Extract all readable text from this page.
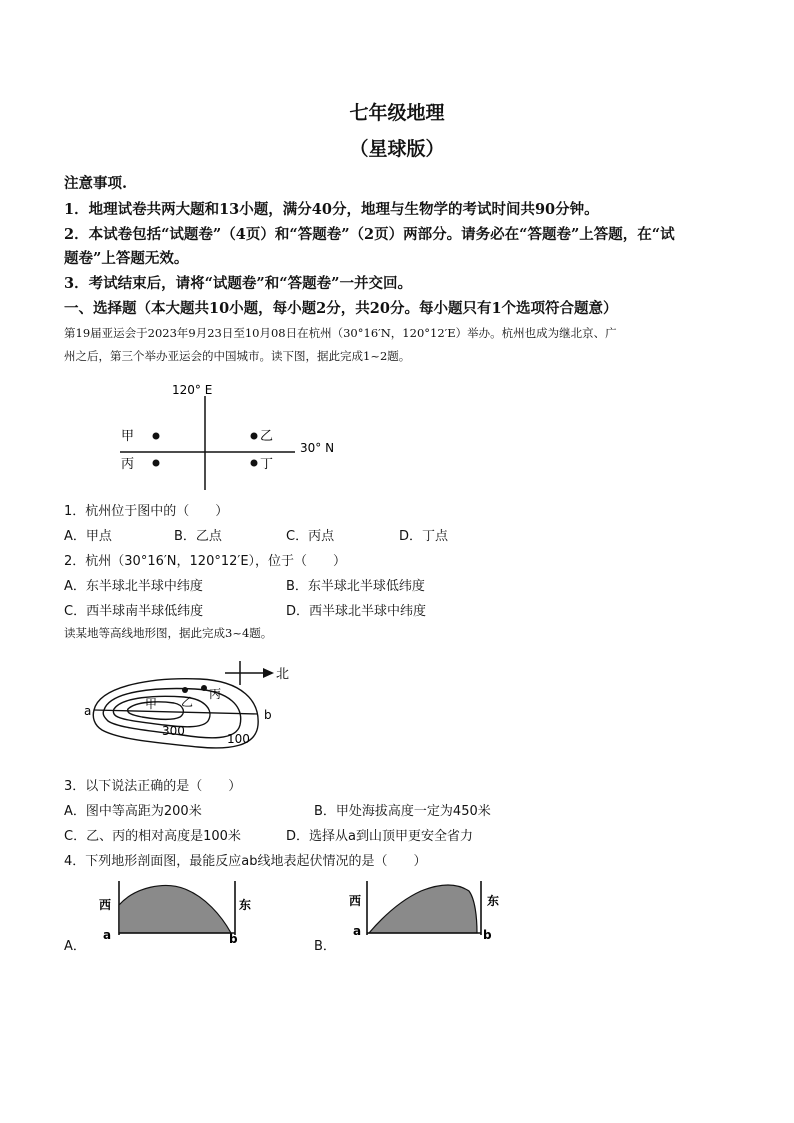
七年级地理
（星球版）
注意事项.
1．地理试卷共两大题和13小题，满分40分，地理与生物学的考试时间共90分钟。
2．本试卷包括“试题卷”（4页）和“答题卷”（2页）两部分。请务必在“答题卷”上答题，在“试
题卷”上答题无效。
3．考试结束后，请将“试题卷”和“答题卷”一并交回。
一、选择题（本大题共10小题，每小题2分，共20分。每小题只有1个选项符合题意）
第19届亚运会于2023年9月23日至10月08日在杭州（30°16′N，120°12′E）举办。杭州也成为继北京、广
州之后，第三个举办亚运会的中国城市。读下图，据此完成1~2题。
120° E
30° N
甲	乙
丙	丁
1．杭州位于图中的（　　）
A．甲点	B．乙点	C．丙点	D．丁点
2．杭州（30°16′N，120°12′E），位于（　　）
A．东半球北半球中纬度	B．东半球北半球低纬度
C．西半球南半球低纬度	D．西半球北半球中纬度
读某地等高线地形图，据此完成3~4题。
北
a	b
甲 乙
丙
300
100
3．以下说法正确的是（　　）
A．图中等高距为200米	B．甲处海拔高度一定为450米
C．乙、丙的相对高度是100米	D．选择从a到山顶甲更安全省力
4．下列地形剖面图，最能反应ab线地表起伏情况的是（　　）
A．
西	东
a	b	B．
西	东
a	b
